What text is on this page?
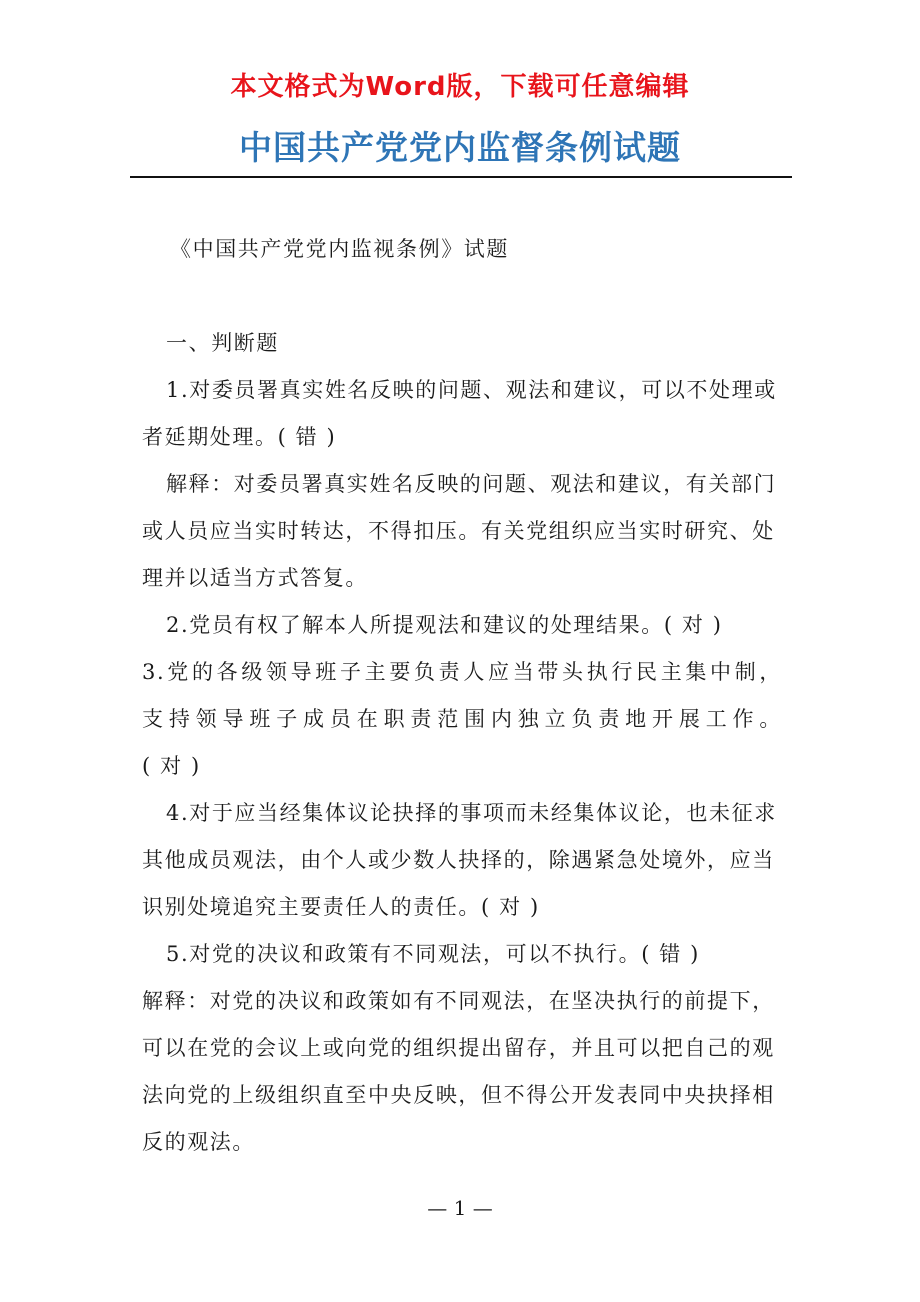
本文格式为Word版，下载可任意编辑
中国共产党党内监督条例试题

《中国共产党党内监视条例》试题

一、判断题

1.对委员署真实姓名反映的问题、观法和建议，可以不处理或者延期处理。( 错 )

解释：对委员署真实姓名反映的问题、观法和建议，有关部门或人员应当实时转达，不得扣压。有关党组织应当实时研究、处理并以适当方式答复。

2.党员有权了解本人所提观法和建议的处理结果。( 对 )

3.党的各级领导班子主要负责人应当带头执行民主集中制，

支持领导班子成员在职责范围内独立负责地开展工作。

( 对 )

4.对于应当经集体议论抉择的事项而未经集体议论，也未征求其他成员观法，由个人或少数人抉择的，除遇紧急处境外，应当识别处境追究主要责任人的责任。( 对 )

5.对党的决议和政策有不同观法，可以不执行。( 错 )

解释：对党的决议和政策如有不同观法，在坚决执行的前提下，可以在党的会议上或向党的组织提出留存，并且可以把自己的观法向党的上级组织直至中央反映，但不得公开发表同中央抉择相反的观法。

— 1 —
